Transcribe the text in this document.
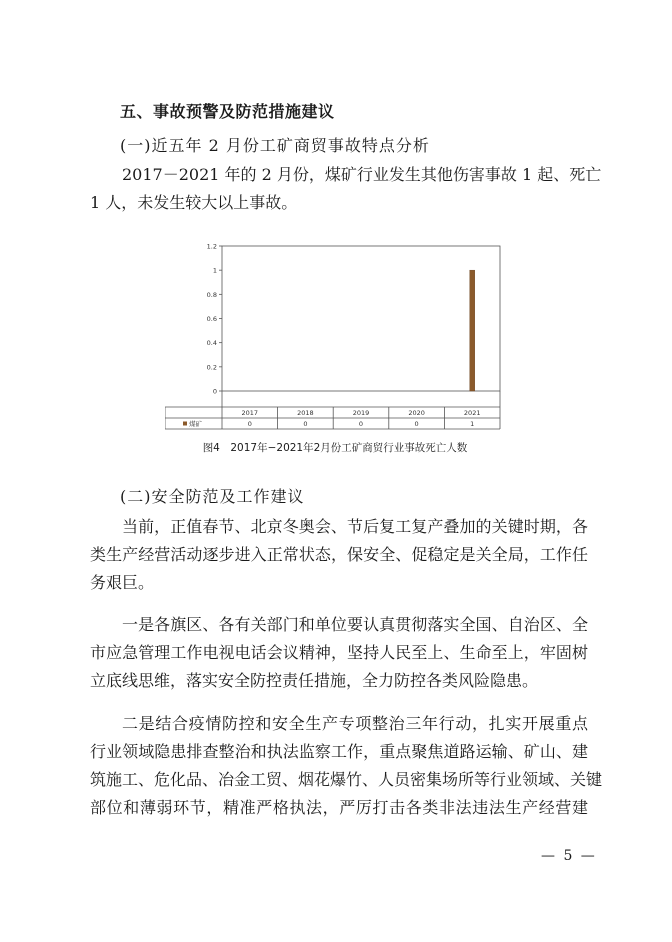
五、事故预警及防范措施建议
(一)近五年 2 月份工矿商贸事故特点分析
2017－2021 年的 2 月份，煤矿行业发生其他伤害事故 1 起、死亡
1 人，未发生较大以上事故。
0
0.2
0.4
0.6
0.8
1
1.2
2017
0
2018
0
2019
0
2020
0
2021
1
煤矿
图4　2017年−2021年2月份工矿商贸行业事故死亡人数
(二)安全防范及工作建议
当前，正值春节、北京冬奥会、节后复工复产叠加的关键时期，各
类生产经营活动逐步进入正常状态，保安全、促稳定是关全局，工作任
务艰巨。
一是各旗区、各有关部门和单位要认真贯彻落实全国、自治区、全
市应急管理工作电视电话会议精神，坚持人民至上、生命至上，牢固树
立底线思维，落实安全防控责任措施，全力防控各类风险隐患。
二是结合疫情防控和安全生产专项整治三年行动，扎实开展重点
行业领域隐患排查整治和执法监察工作，重点聚焦道路运输、矿山、建
筑施工、危化品、冶金工贸、烟花爆竹、人员密集场所等行业领域、关键
部位和薄弱环节，精准严格执法，严厉打击各类非法违法生产经营建
— 5 —
